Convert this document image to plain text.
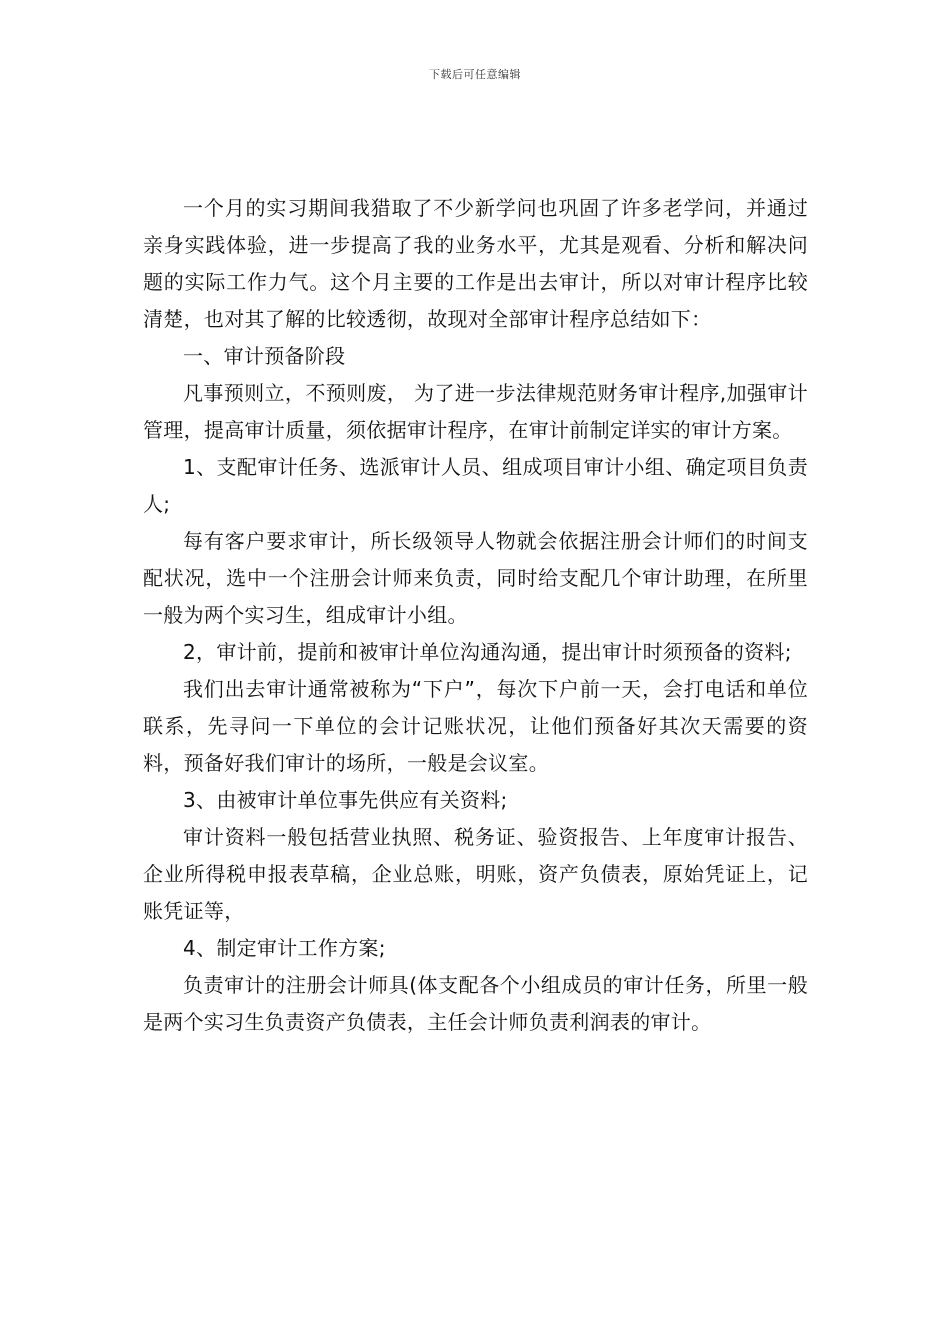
下载后可任意编辑

一个月的实习期间我猎取了不少新学问也巩固了许多老学问，并通过亲身实践体验，进一步提高了我的业务水平，尤其是观看、分析和解决问题的实际工作力气。这个月主要的工作是出去审计，所以对审计程序比较清楚，也对其了解的比较透彻，故现对全部审计程序总结如下：

一、审计预备阶段

凡事预则立，不预则废， 为了进一步法律规范财务审计程序,加强审计管理，提高审计质量，须依据审计程序，在审计前制定详实的审计方案。

1、支配审计任务、选派审计人员、组成项目审计小组、确定项目负责人;

每有客户要求审计，所长级领导人物就会依据注册会计师们的时间支配状况，选中一个注册会计师来负责，同时给支配几个审计助理，在所里一般为两个实习生，组成审计小组。

2，审计前，提前和被审计单位沟通沟通，提出审计时须预备的资料;

我们出去审计通常被称为“下户”，每次下户前一天，会打电话和单位联系，先寻问一下单位的会计记账状况，让他们预备好其次天需要的资料，预备好我们审计的场所，一般是会议室。

3、由被审计单位事先供应有关资料;

审计资料一般包括营业执照、税务证、验资报告、上年度审计报告、企业所得税申报表草稿，企业总账，明账，资产负债表，原始凭证上，记账凭证等，

4、制定审计工作方案;

负责审计的注册会计师具(体支配各个小组成员的审计任务，所里一般是两个实习生负责资产负债表，主任会计师负责利润表的审计。
